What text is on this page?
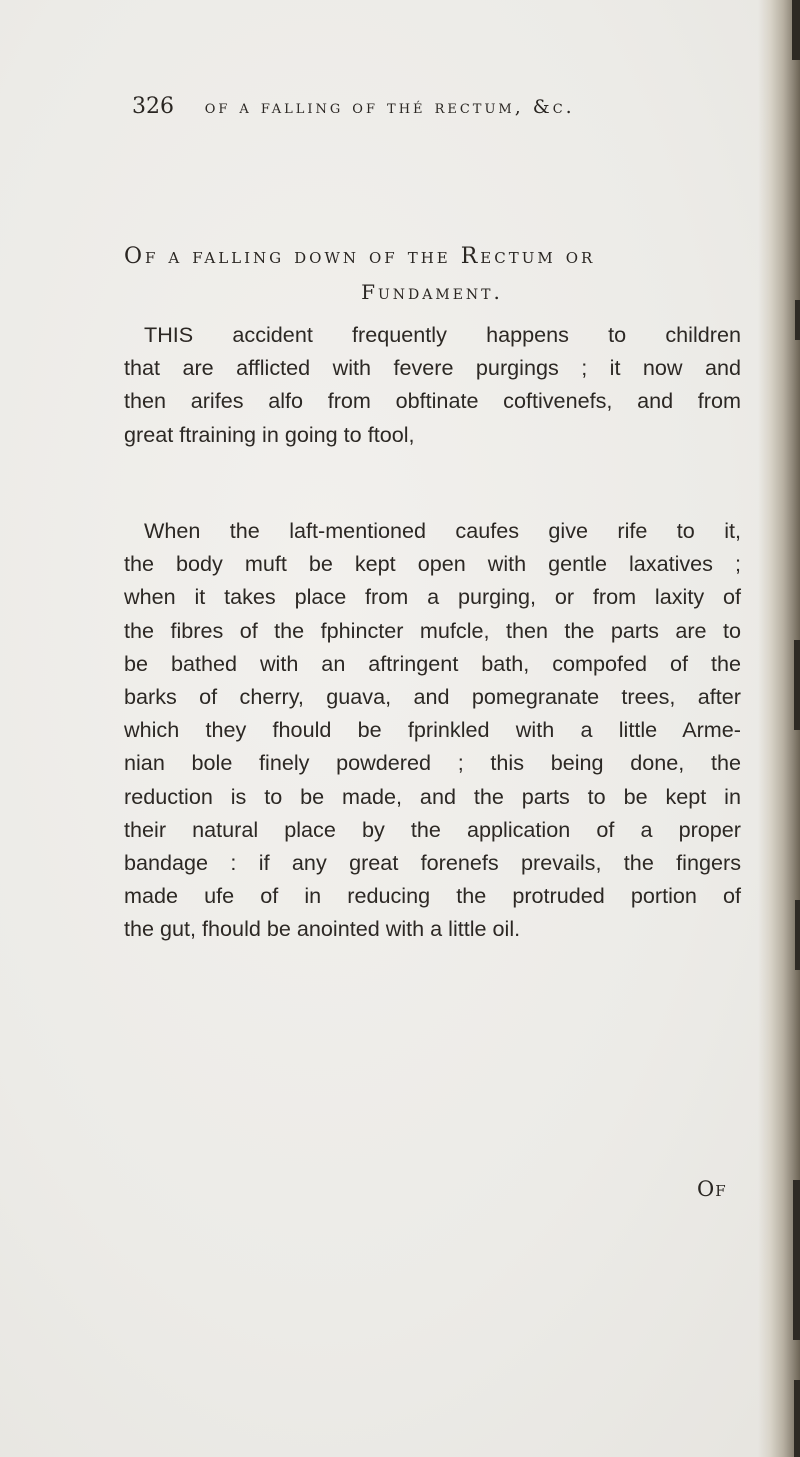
326 of a falling of thé rectum, &c.
Of a falling down of the Rectum or
Fundament.
THIS accident frequently happens to children
that are afflicted with fevere purgings ; it now and
then arifes alfo from obftinate coftivenefs, and from
great ftraining in going to ftool,
When the laft-mentioned caufes give rife to it,
the body muft be kept open with gentle laxatives ;
when it takes place from a purging, or from laxity of
the fibres of the fphincter mufcle, then the parts are to
be bathed with an aftringent bath, compofed of the
barks of cherry, guava, and pomegranate trees, after
which they fhould be fprinkled with a little Arme-
nian bole finely powdered ; this being done, the
reduction is to be made, and the parts to be kept in
their natural place by the application of a proper
bandage : if any great forenefs prevails, the fingers
made ufe of in reducing the protruded portion of
the gut, fhould be anointed with a little oil.
Of
